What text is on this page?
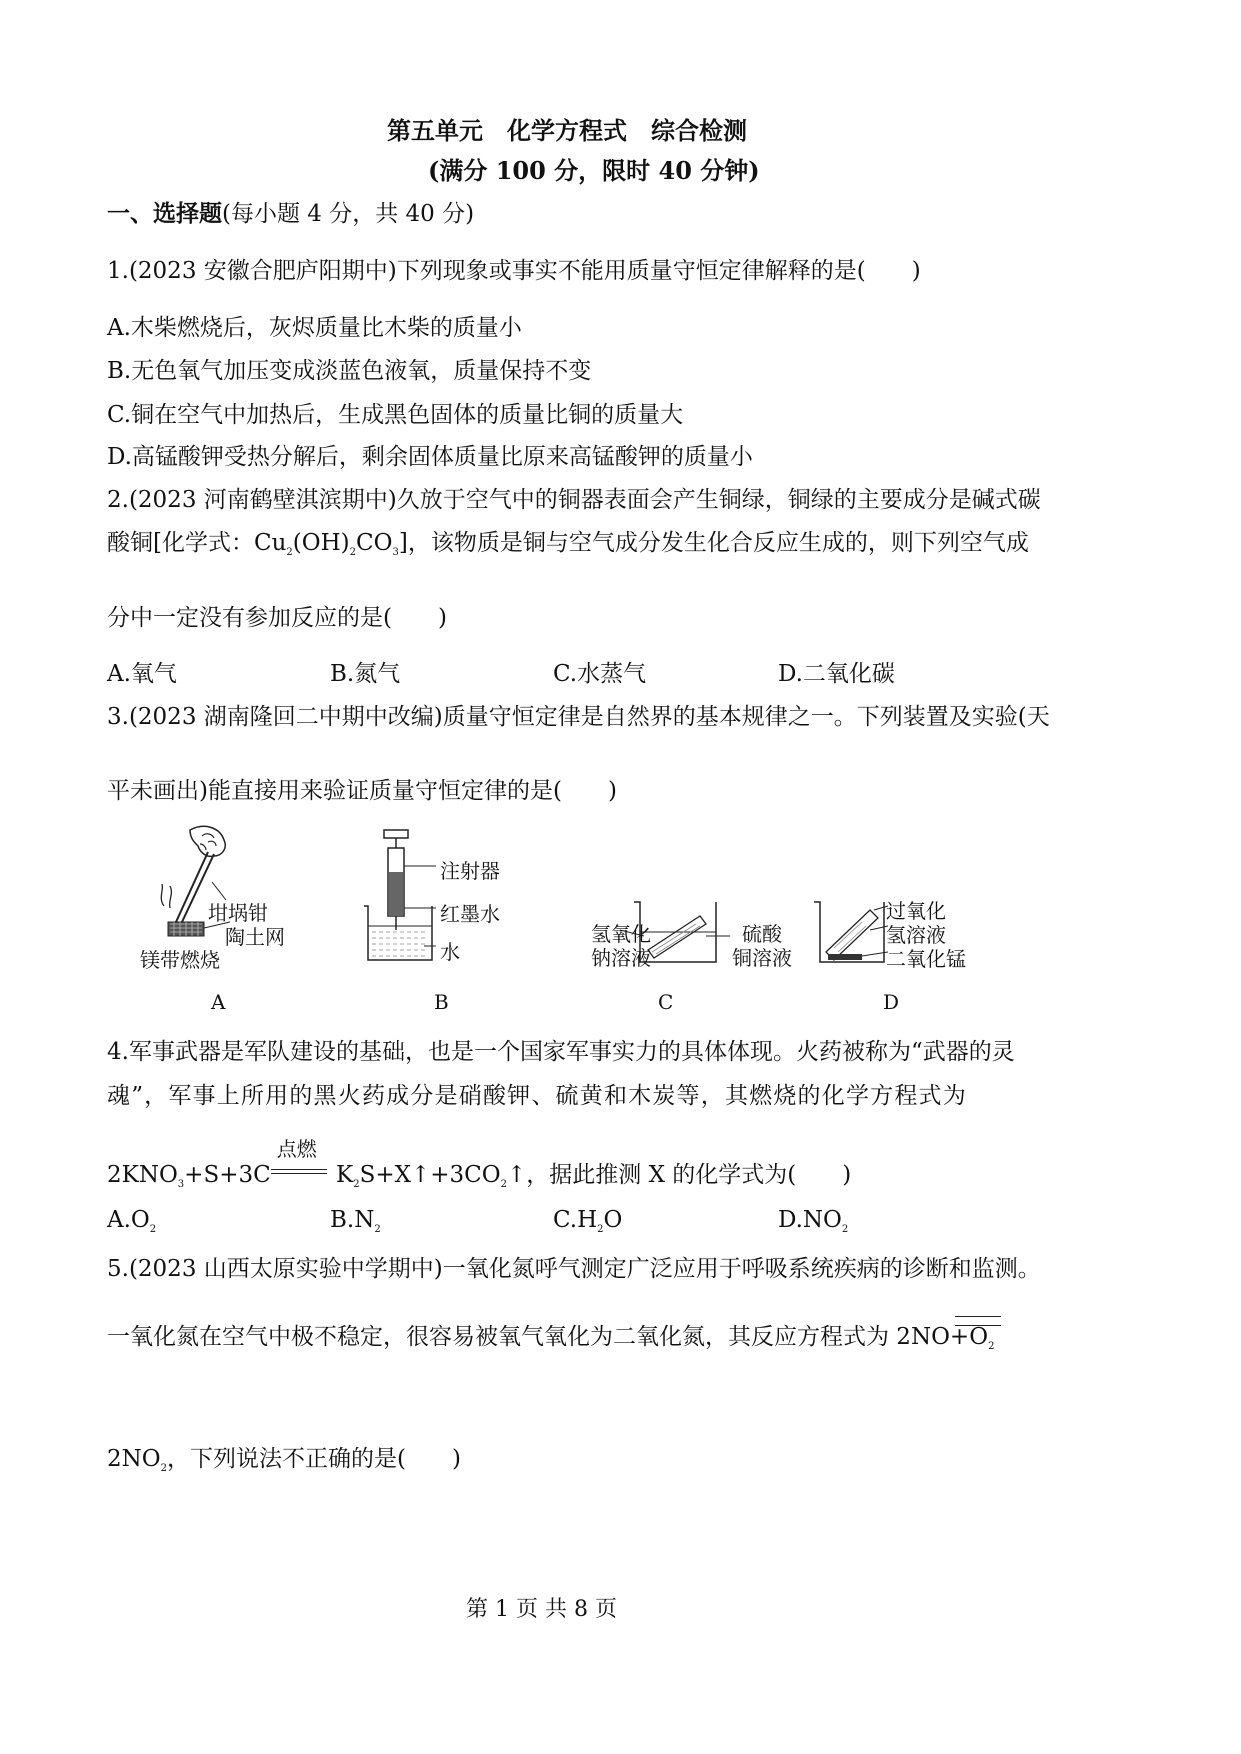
第五单元　化学方程式　综合检测
(满分 100 分，限时 40 分钟)
一、选择题(每小题 4 分，共 40 分)
1.(2023 安徽合肥庐阳期中)下列现象或事实不能用质量守恒定律解释的是(　　)
A.木柴燃烧后，灰烬质量比木柴的质量小
B.无色氧气加压变成淡蓝色液氧，质量保持不变
C.铜在空气中加热后，生成黑色固体的质量比铜的质量大
D.高锰酸钾受热分解后，剩余固体质量比原来高锰酸钾的质量小
2.(2023 河南鹤壁淇滨期中)久放于空气中的铜器表面会产生铜绿，铜绿的主要成分是碱式碳
酸铜[化学式：$Cu_2(OH)_2CO_3$]，该物质是铜与空气成分发生化合反应生成的，则下列空气成
分中一定没有参加反应的是(　　)
A.氧气	B.氮气	C.水蒸气	D.二氧化碳
3.(2023 湖南隆回二中期中改编)质量守恒定律是自然界的基本规律之一。下列装置及实验(天
平未画出)能直接用来验证质量守恒定律的是(　　)
坩埚钳
陶土网
镁带燃烧
A
注射器
红墨水
水
B
氢氧化
钠溶液
硫酸
铜溶液
C
过氧化
氢溶液
二氧化锰
D
4.军事武器是军队建设的基础，也是一个国家军事实力的具体体现。火药被称为“武器的灵
魂”，军事上所用的黑火药成分是硝酸钾、硫黄和木炭等，其燃烧的化学方程式为
$2KNO_3+S+3C$
点燃
$K_2S+X↑+3CO_2↑$，据此推测 X 的化学式为(　　)
$A.O_2$	$B.N_2$	$C.H_2O$	$D.NO_2$
5.(2023 山西太原实验中学期中)一氧化氮呼气测定广泛应用于呼吸系统疾病的诊断和监测。
一氧化氮在空气中极不稳定，很容易被氧气氧化为二氧化氮，其反应方程式为 $2NO+O_2$
$2NO_2$，下列说法不正确的是(　　)
第 1 页 共 8 页
